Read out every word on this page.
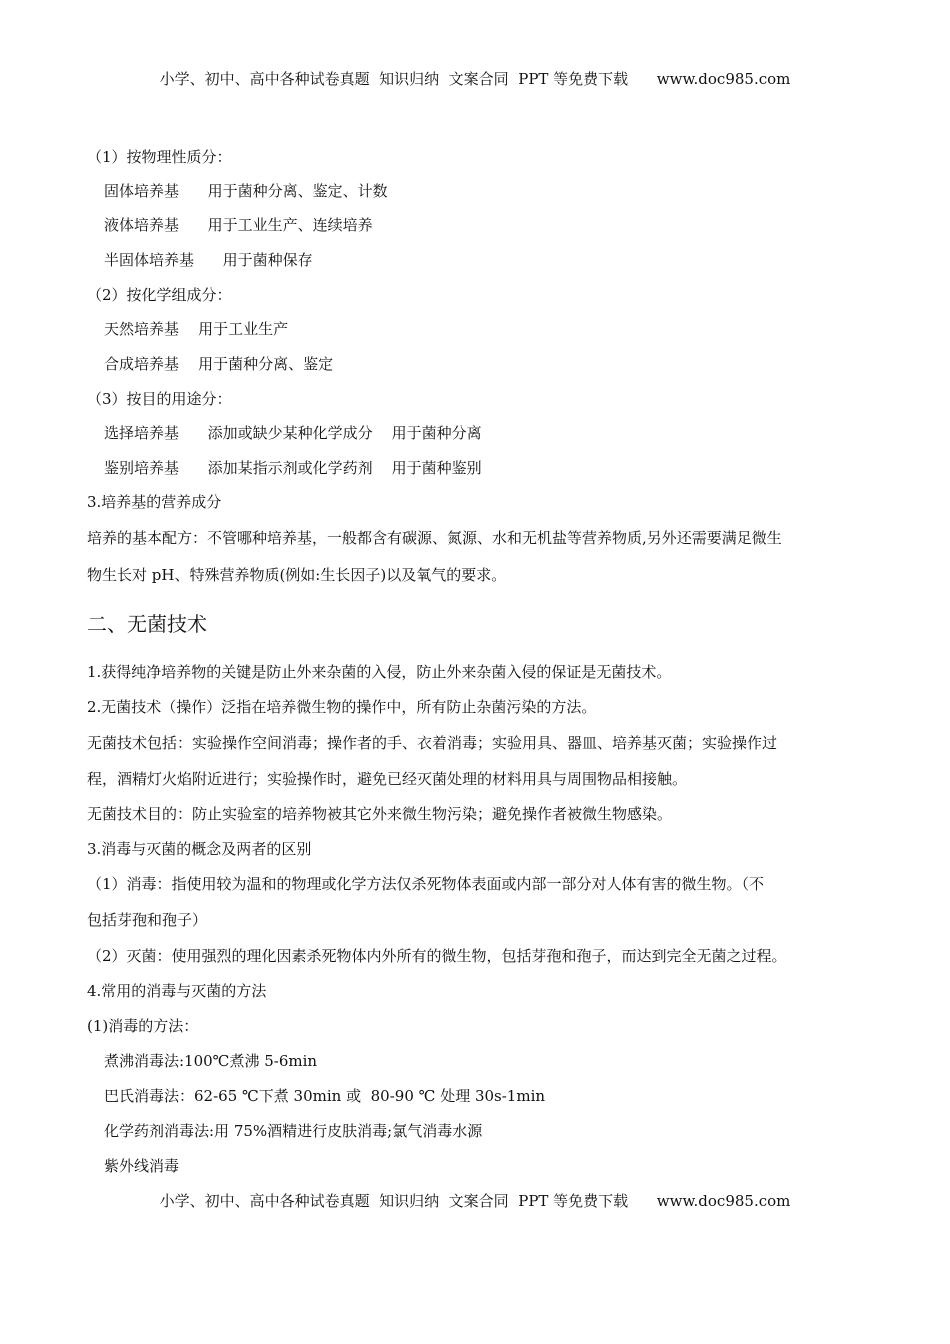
小学、初中、高中各种试卷真题  知识归纳  文案合同  PPT 等免费下载      www.doc985.com
（1）按物理性质分：
固体培养基      用于菌种分离、鉴定、计数
液体培养基      用于工业生产、连续培养
半固体培养基      用于菌种保存
（2）按化学组成分：
天然培养基    用于工业生产
合成培养基    用于菌种分离、鉴定
（3）按目的用途分：
选择培养基      添加或缺少某种化学成分    用于菌种分离
鉴别培养基      添加某指示剂或化学药剂    用于菌种鉴别
3.培养基的营养成分
培养的基本配方：不管哪种培养基，一般都含有碳源、氮源、水和无机盐等营养物质,另外还需要满足微生
物生长对 pH、特殊营养物质(例如:生长因子)以及氧气的要求。
二、无菌技术
1.获得纯净培养物的关键是防止外来杂菌的入侵，防止外来杂菌入侵的保证是无菌技术。
2.无菌技术（操作）泛指在培养微生物的操作中，所有防止杂菌污染的方法。
无菌技术包括：实验操作空间消毒；操作者的手、衣着消毒；实验用具、器皿、培养基灭菌；实验操作过
程，酒精灯火焰附近进行；实验操作时，避免已经灭菌处理的材料用具与周围物品相接触。
无菌技术目的：防止实验室的培养物被其它外来微生物污染；避免操作者被微生物感染。
3.消毒与灭菌的概念及两者的区别
（1）消毒：指使用较为温和的物理或化学方法仅杀死物体表面或内部一部分对人体有害的微生物。（不
包括芽孢和孢子）
（2）灭菌：使用强烈的理化因素杀死物体内外所有的微生物，包括芽孢和孢子，而达到完全无菌之过程。
4.常用的消毒与灭菌的方法
(1)消毒的方法：
煮沸消毒法:100℃煮沸 5-6min
巴氏消毒法：62-65 ℃下煮 30min 或  80-90 ℃ 处理 30s-1min
化学药剂消毒法:用 75%酒精进行皮肤消毒;氯气消毒水源
紫外线消毒
小学、初中、高中各种试卷真题  知识归纳  文案合同  PPT 等免费下载      www.doc985.com
